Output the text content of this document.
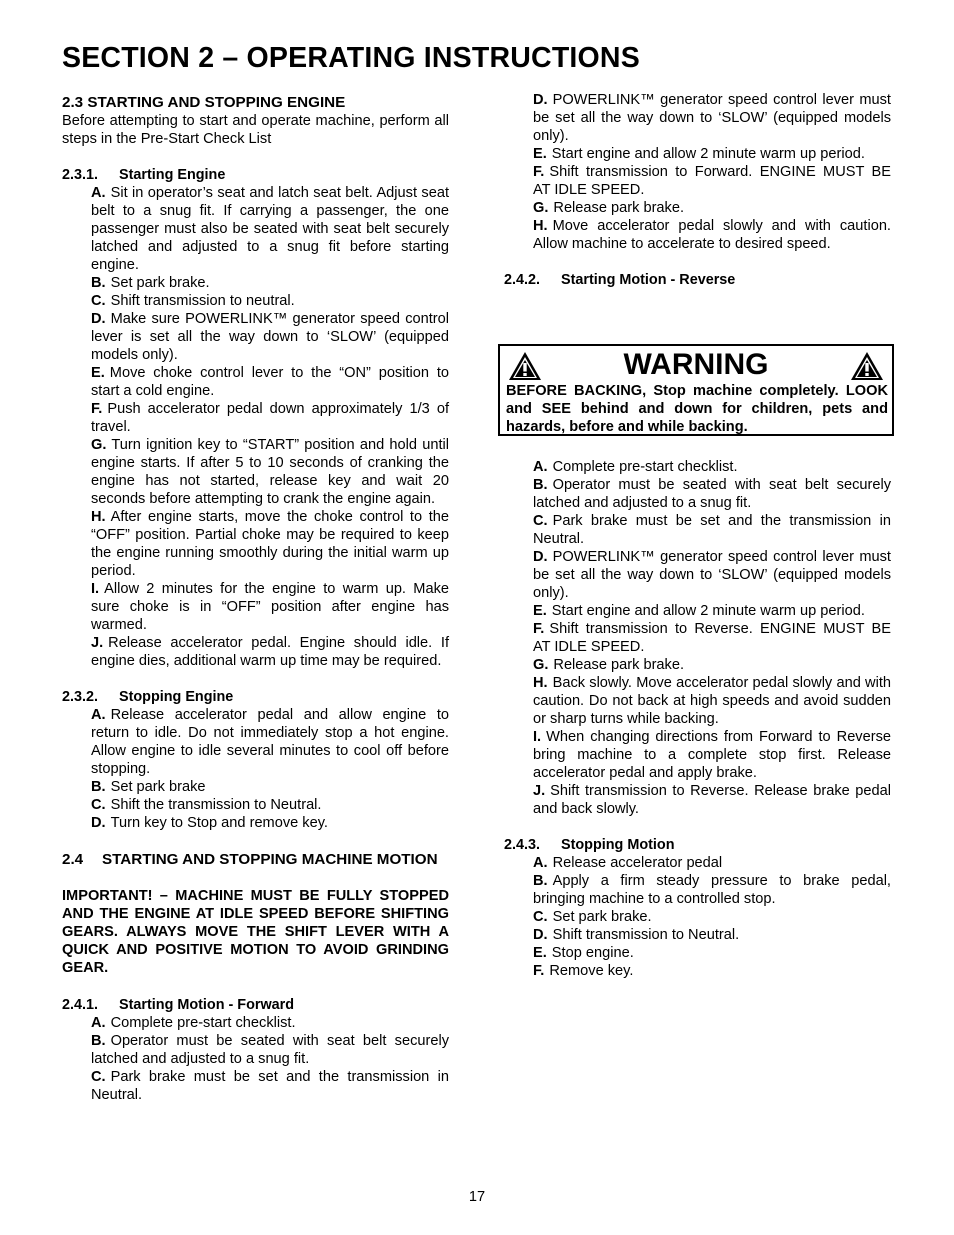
SECTION 2 – OPERATING INSTRUCTIONS
2.3 STARTING AND STOPPING ENGINE

Before attempting to start and operate machine, perform all steps in the Pre-Start Check List

2.3.1. Starting Engine
A. Sit in operator’s seat and latch seat belt. Adjust seat belt to a snug fit. If carrying a passenger, the one passenger must also be seated with seat belt securely latched and adjusted to a snug fit before starting engine.
B. Set park brake.
C. Shift transmission to neutral.
D. Make sure POWERLINK™ generator speed control lever is set all the way down to ‘SLOW’ (equipped models only).
E. Move choke control lever to the “ON” position to start a cold engine.
F. Push accelerator pedal down approximately 1/3 of travel.
G. Turn ignition key to “START” position and hold until engine starts. If after 5 to 10 seconds of cranking the engine has not started, release key and wait 20 seconds before attempting to crank the engine again.
H. After engine starts, move the choke control to the “OFF” position. Partial choke may be required to keep the engine running smoothly during the initial warm up period.
I. Allow 2 minutes for the engine to warm up. Make sure choke is in “OFF” position after engine has warmed.
J. Release accelerator pedal. Engine should idle. If engine dies, additional warm up time may be required.
2.3.2. Stopping Engine
A. Release accelerator pedal and allow engine to return to idle. Do not immediately stop a hot engine. Allow engine to idle several minutes to cool off before stopping.
B. Set park brake
C. Shift the transmission to Neutral.
D. Turn key to Stop and remove key.
2.4	STARTING AND STOPPING MACHINE MOTION

IMPORTANT! – MACHINE MUST BE FULLY STOPPED AND THE ENGINE AT IDLE SPEED BEFORE SHIFTING GEARS. ALWAYS MOVE THE SHIFT LEVER WITH A QUICK AND POSITIVE MOTION TO AVOID GRINDING GEAR.

2.4.1. Starting Motion - Forward
A. Complete pre-start checklist.
B. Operator must be seated with seat belt securely latched and adjusted to a snug fit.
C. Park brake must be set and the transmission in Neutral.
D. POWERLINK™ generator speed control lever must be set all the way down to ‘SLOW’ (equipped models only).
E. Start engine and allow 2 minute warm up period.
F. Shift transmission to Forward. ENGINE MUST BE AT IDLE SPEED.
G. Release park brake.
H. Move accelerator pedal slowly and with caution. Allow machine to accelerate to desired speed.
2.4.2. Starting Motion - Reverse
WARNING

BEFORE BACKING, Stop machine completely. LOOK and SEE behind and down for children, pets and hazards, before and while backing.

A. Complete pre-start checklist.
B. Operator must be seated with seat belt securely latched and adjusted to a snug fit.
C. Park brake must be set and the transmission in Neutral.
D. POWERLINK™ generator speed control lever must be set all the way down to ‘SLOW’ (equipped models only).
E. Start engine and allow 2 minute warm up period.
F. Shift transmission to Reverse. ENGINE MUST BE AT IDLE SPEED.
G. Release park brake.
H. Back slowly. Move accelerator pedal slowly and with caution. Do not back at high speeds and avoid sudden or sharp turns while backing.
I. When changing directions from Forward to Reverse bring machine to a complete stop first. Release accelerator pedal and apply brake.
J. Shift transmission to Reverse. Release brake pedal and back slowly.
2.4.3. Stopping Motion
A. Release accelerator pedal
B. Apply a firm steady pressure to brake pedal, bringing machine to a controlled stop.
C. Set park brake.
D. Shift transmission to Neutral.
E. Stop engine.
F. Remove key.
17
